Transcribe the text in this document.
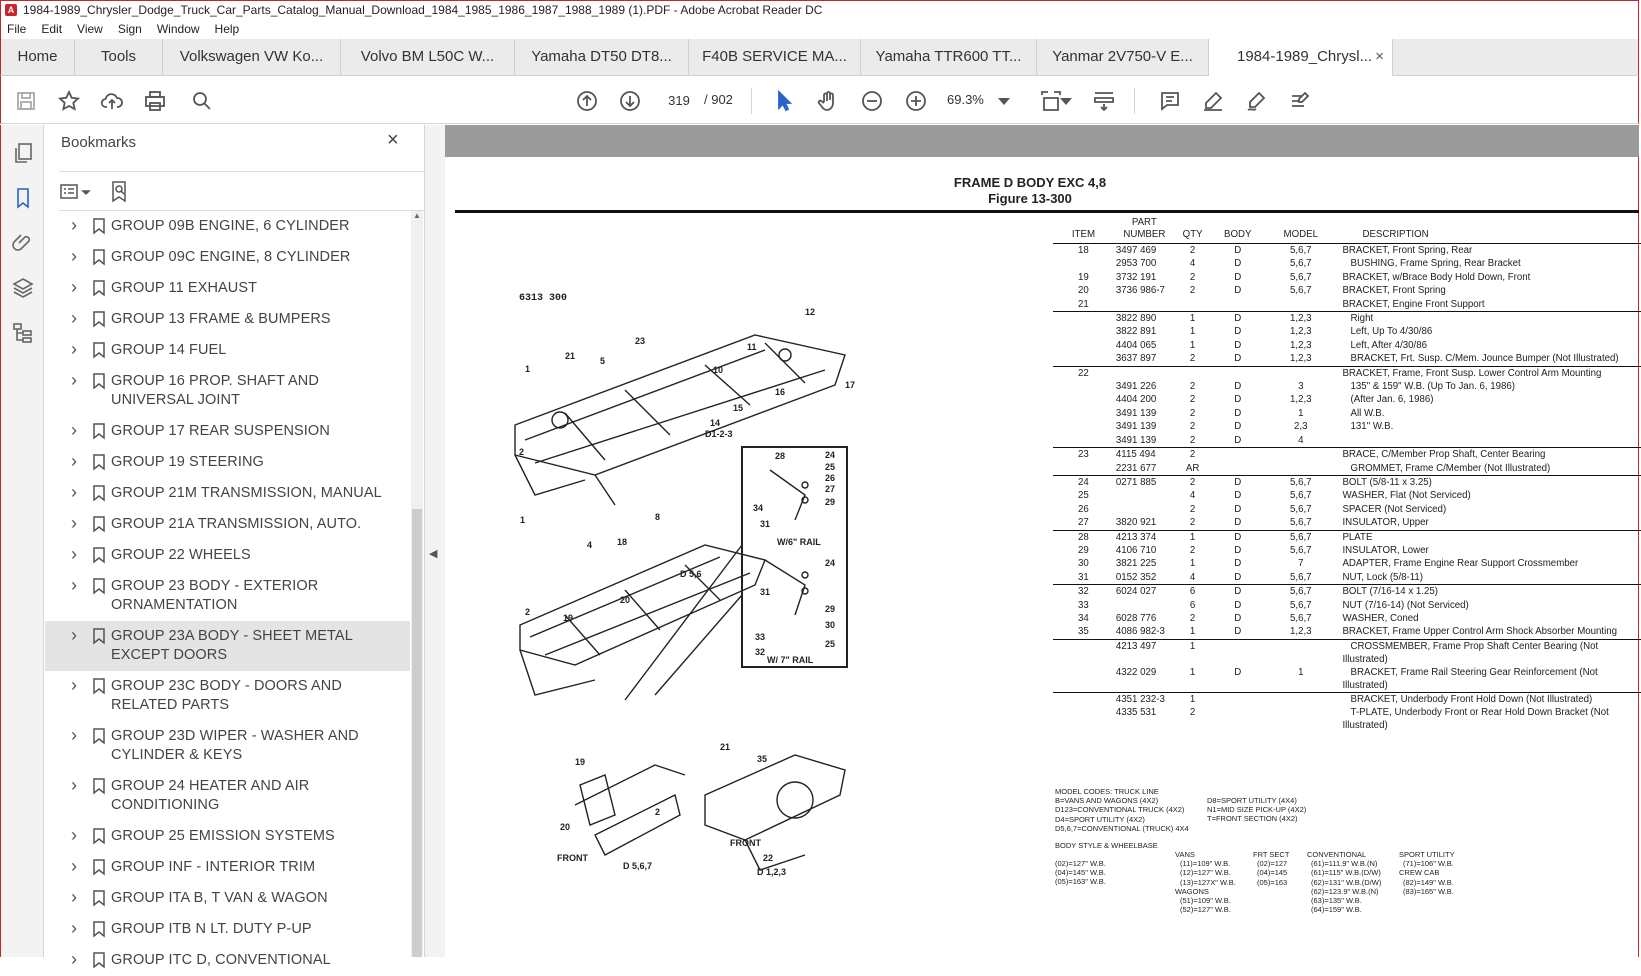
A 1984-1989_Chrysler_Dodge_Truck_Car_Parts_Catalog_Manual_Download_1984_1985_1986_1987_1988_1989 (1).PDF - Adobe Acrobat Reader DC
File Edit View Sign Window Help
Home	Tools	Volkswagen VW Ko...	Volvo BM L50C W...	Yamaha DT50 DT8...	F40B SERVICE MA...	Yamaha TTR600 TT...	Yanmar 2V750-V E...	1984-1989_Chrysl... ×
319	/ 902	69.3%
Bookmarks	×
› GROUP 09B ENGINE, 6 CYLINDER
› GROUP 09C ENGINE, 8 CYLINDER
› GROUP 11 EXHAUST
› GROUP 13 FRAME & BUMPERS
› GROUP 14 FUEL
› GROUP 16 PROP. SHAFT AND UNIVERSAL JOINT
› GROUP 17 REAR SUSPENSION
› GROUP 19 STEERING
› GROUP 21M TRANSMISSION, MANUAL
› GROUP 21A TRANSMISSION, AUTO.
› GROUP 22 WHEELS
› GROUP 23 BODY - EXTERIOR ORNAMENTATION
› GROUP 23A BODY - SHEET METAL EXCEPT DOORS
› GROUP 23C BODY - DOORS AND RELATED PARTS
› GROUP 23D WIPER - WASHER AND CYLINDER & KEYS
› GROUP 24 HEATER AND AIR CONDITIONING
› GROUP 25 EMISSION SYSTEMS
› GROUP INF - INTERIOR TRIM
› GROUP ITA B, T VAN & WAGON
› GROUP ITB N LT. DUTY P-UP
› GROUP ITC D, CONVENTIONAL
▲
◀
FRAME D BODY EXC 4,8
Figure 13-300
6313 300
1
21	5
23
12
17
16
10
11
15
14
2
D1-2-3
1
4	18
8
2
20
19
D 5,6
28	24
25
26
27
29
34
31
W/6" RAIL
24
31
33
32
29
30
25
W/ 7" RAIL
19
2
20
FRONT
D 5,6,7
21
35
FRONT
22
D 1,2,3
ITEM	PART NUMBER	QTY	BODY	MODEL	DESCRIPTION
18	3497 469	2	D	5,6,7	BRACKET, Front Spring, Rear
	2953 700	4	D	5,6,7	BUSHING, Frame Spring, Rear Bracket
19	3732 191	2	D	5,6,7	BRACKET, w/Brace Body Hold Down, Front
20	3736 986-7	2	D	5,6,7	BRACKET, Front Spring
21					BRACKET, Engine Front Support
	3822 890	1	D	1,2,3	Right
	3822 891	1	D	1,2,3	Left, Up To 4/30/86
	4404 065	1	D	1,2,3	Left, After 4/30/86
	3637 897	2	D	1,2,3	BRACKET, Frt. Susp. C/Mem. Jounce Bumper (Not Illustrated)
22					BRACKET, Frame, Front Susp. Lower Control Arm Mounting
	3491 226	2	D	3	135" & 159" W.B. (Up To Jan. 6, 1986)
	4404 200	2	D	1,2,3	(After Jan. 6, 1986)
	3491 139	2	D	1	All W.B.
	3491 139	2	D	2,3	131" W.B.
	3491 139	2	D	4	
23	4115 494	2			BRACE, C/Member Prop Shaft, Center Bearing
	2231 677	AR			GROMMET, Frame C/Member (Not Illustrated)
24	0271 885	2	D	5,6,7	BOLT (5/8-11 x 3.25)
25		4	D	5,6,7	WASHER, Flat (Not Serviced)
26		2	D	5,6,7	SPACER (Not Serviced)
27	3820 921	2	D	5,6,7	INSULATOR, Upper
28	4213 374	1	D	5,6,7	PLATE
29	4106 710	2	D	5,6,7	INSULATOR, Lower
30	3821 225	1	D	7	ADAPTER, Frame Engine Rear Support Crossmember
31	0152 352	4	D	5,6,7	NUT, Lock (5/8-11)
32	6024 027	6	D	5,6,7	BOLT (7/16-14 x 1.25)
33		6	D	5,6,7	NUT (7/16-14) (Not Serviced)
34	6028 776	2	D	5,6,7	WASHER, Coned
35	4086 982-3	1	D	1,2,3	BRACKET, Frame Upper Control Arm Shock Absorber Mounting
	4213 497	1			CROSSMEMBER, Frame Prop Shaft Center Bearing (Not Illustrated)
	4322 029	1	D	1	BRACKET, Frame Rail Steering Gear Reinforcement (Not Illustrated)
	4351 232-3	1			BRACKET, Underbody Front Hold Down (Not Illustrated)
	4335 531	2			T-PLATE, Underbody Front or Rear Hold Down Bracket (Not Illustrated)
MODEL CODES: TRUCK LINE
B=VANS AND WAGONS (4X2)
D123=CONVENTIONAL TRUCK (4X2)
D4=SPORT UTILITY (4X2)
D5,6,7=CONVENTIONAL (TRUCK) 4X4
D8=SPORT UTILITY (4X4)
N1=MID SIZE PICK-UP (4X2)
T=FRONT SECTION (4X2)
BODY STYLE & WHEELBASE
(02)=127" W.B.
(04)=145" W.B.
(05)=163" W.B.
VANS
(11)=109" W.B.
(12)=127" W.B.
(13)=127X" W.B.
WAGONS
(51)=109" W.B.
(52)=127" W.B.
FRT SECT
(02)=127
(04)=145
(05)=163
CONVENTIONAL
(61)=111.9" W.B.(N)
(61)=115" W.B.(D/W)
(62)=131" W.B.(D/W)
(62)=123.9" W.B.(N)
(63)=135" W.B.
(64)=159" W.B.
SPORT UTILITY
(71)=106" W.B.
CREW CAB
(82)=149" W.B.
(83)=165" W.B.
